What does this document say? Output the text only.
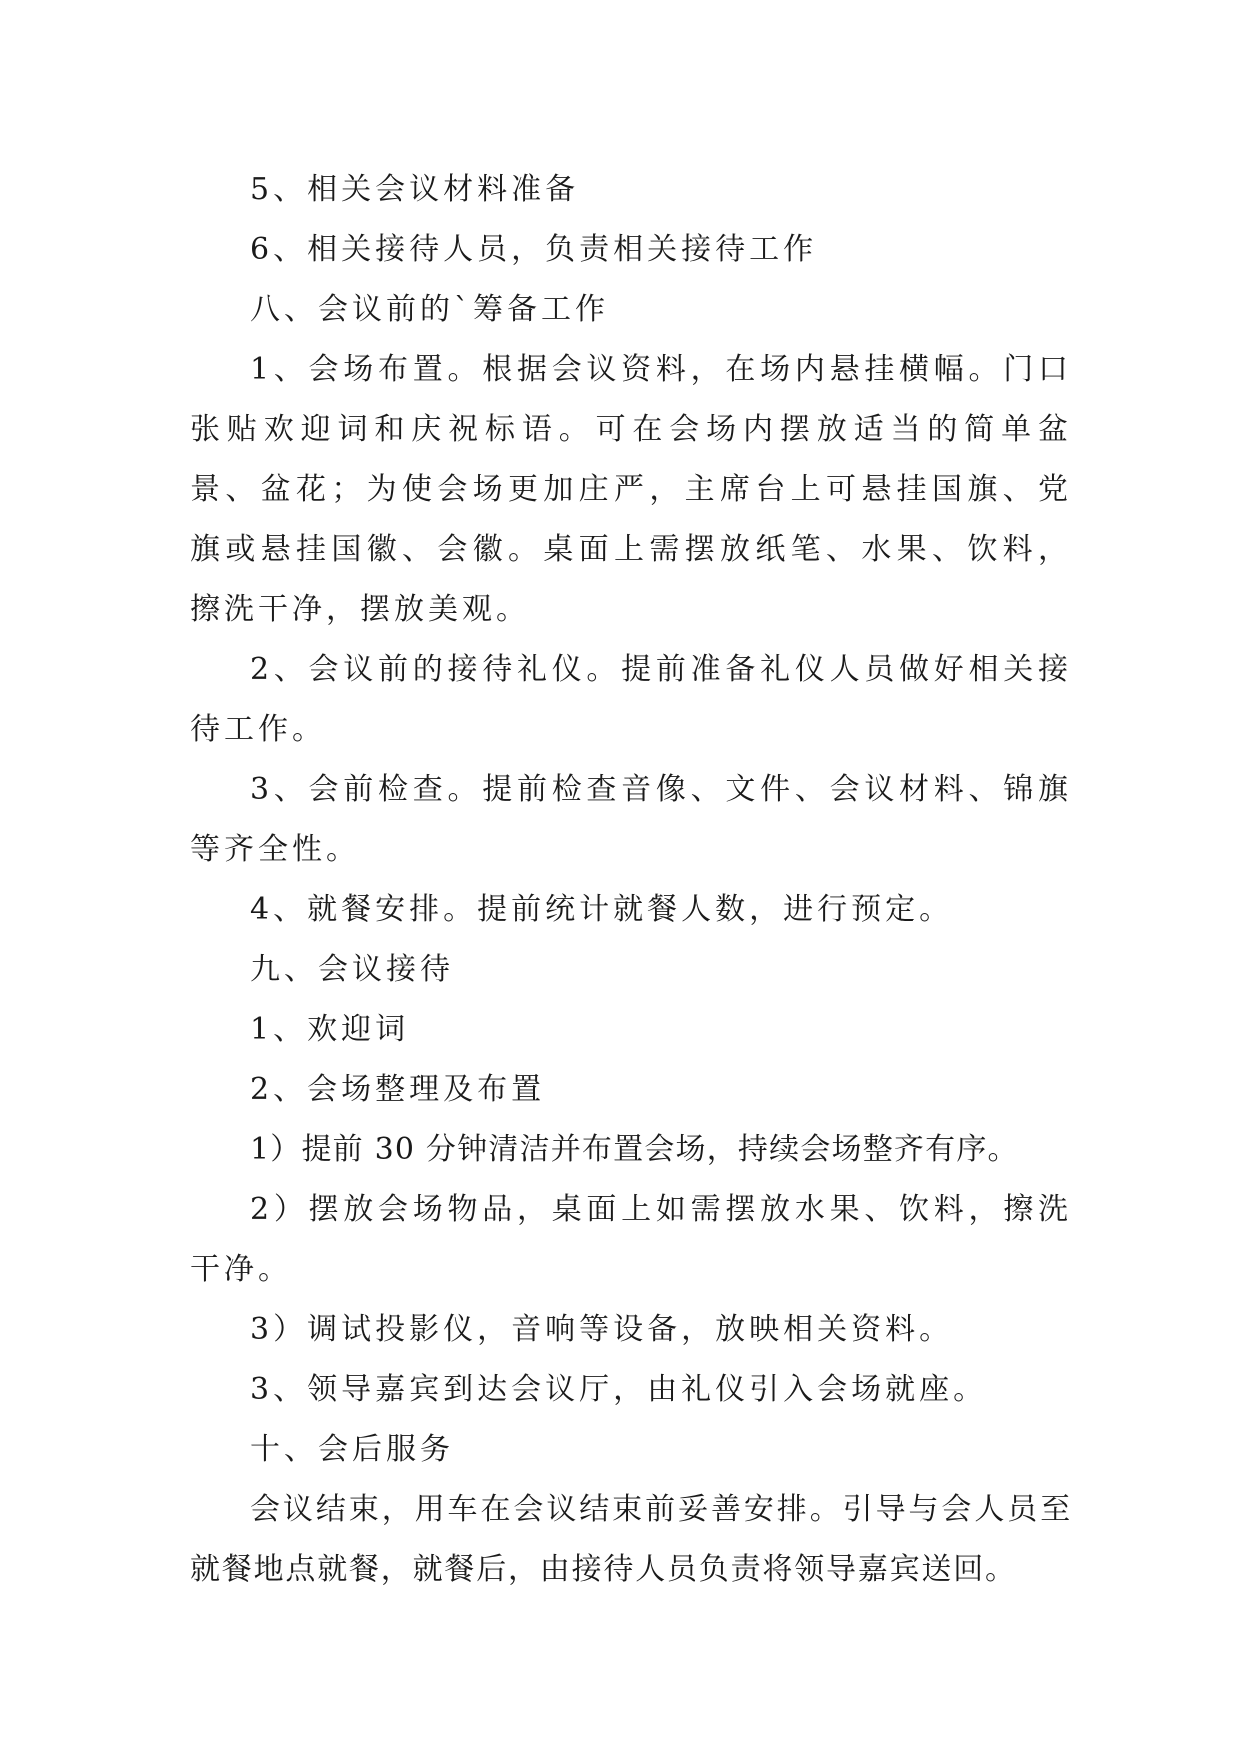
5、相关会议材料准备

6、相关接待人员，负责相关接待工作

八、会议前的`筹备工作

1、会场布置。根据会议资料，在场内悬挂横幅。门口张贴欢迎词和庆祝标语。可在会场内摆放适当的简单盆景、盆花；为使会场更加庄严，主席台上可悬挂国旗、党旗或悬挂国徽、会徽。桌面上需摆放纸笔、水果、饮料，擦洗干净，摆放美观。

2、会议前的接待礼仪。提前准备礼仪人员做好相关接待工作。

3、会前检查。提前检查音像、文件、会议材料、锦旗等齐全性。

4、就餐安排。提前统计就餐人数，进行预定。

九、会议接待

1、欢迎词

2、会场整理及布置

1）提前 30 分钟清洁并布置会场，持续会场整齐有序。

2）摆放会场物品，桌面上如需摆放水果、饮料，擦洗干净。

3）调试投影仪，音响等设备，放映相关资料。

3、领导嘉宾到达会议厅，由礼仪引入会场就座。

十、会后服务

会议结束，用车在会议结束前妥善安排。引导与会人员至就餐地点就餐，就餐后，由接待人员负责将领导嘉宾送回。
